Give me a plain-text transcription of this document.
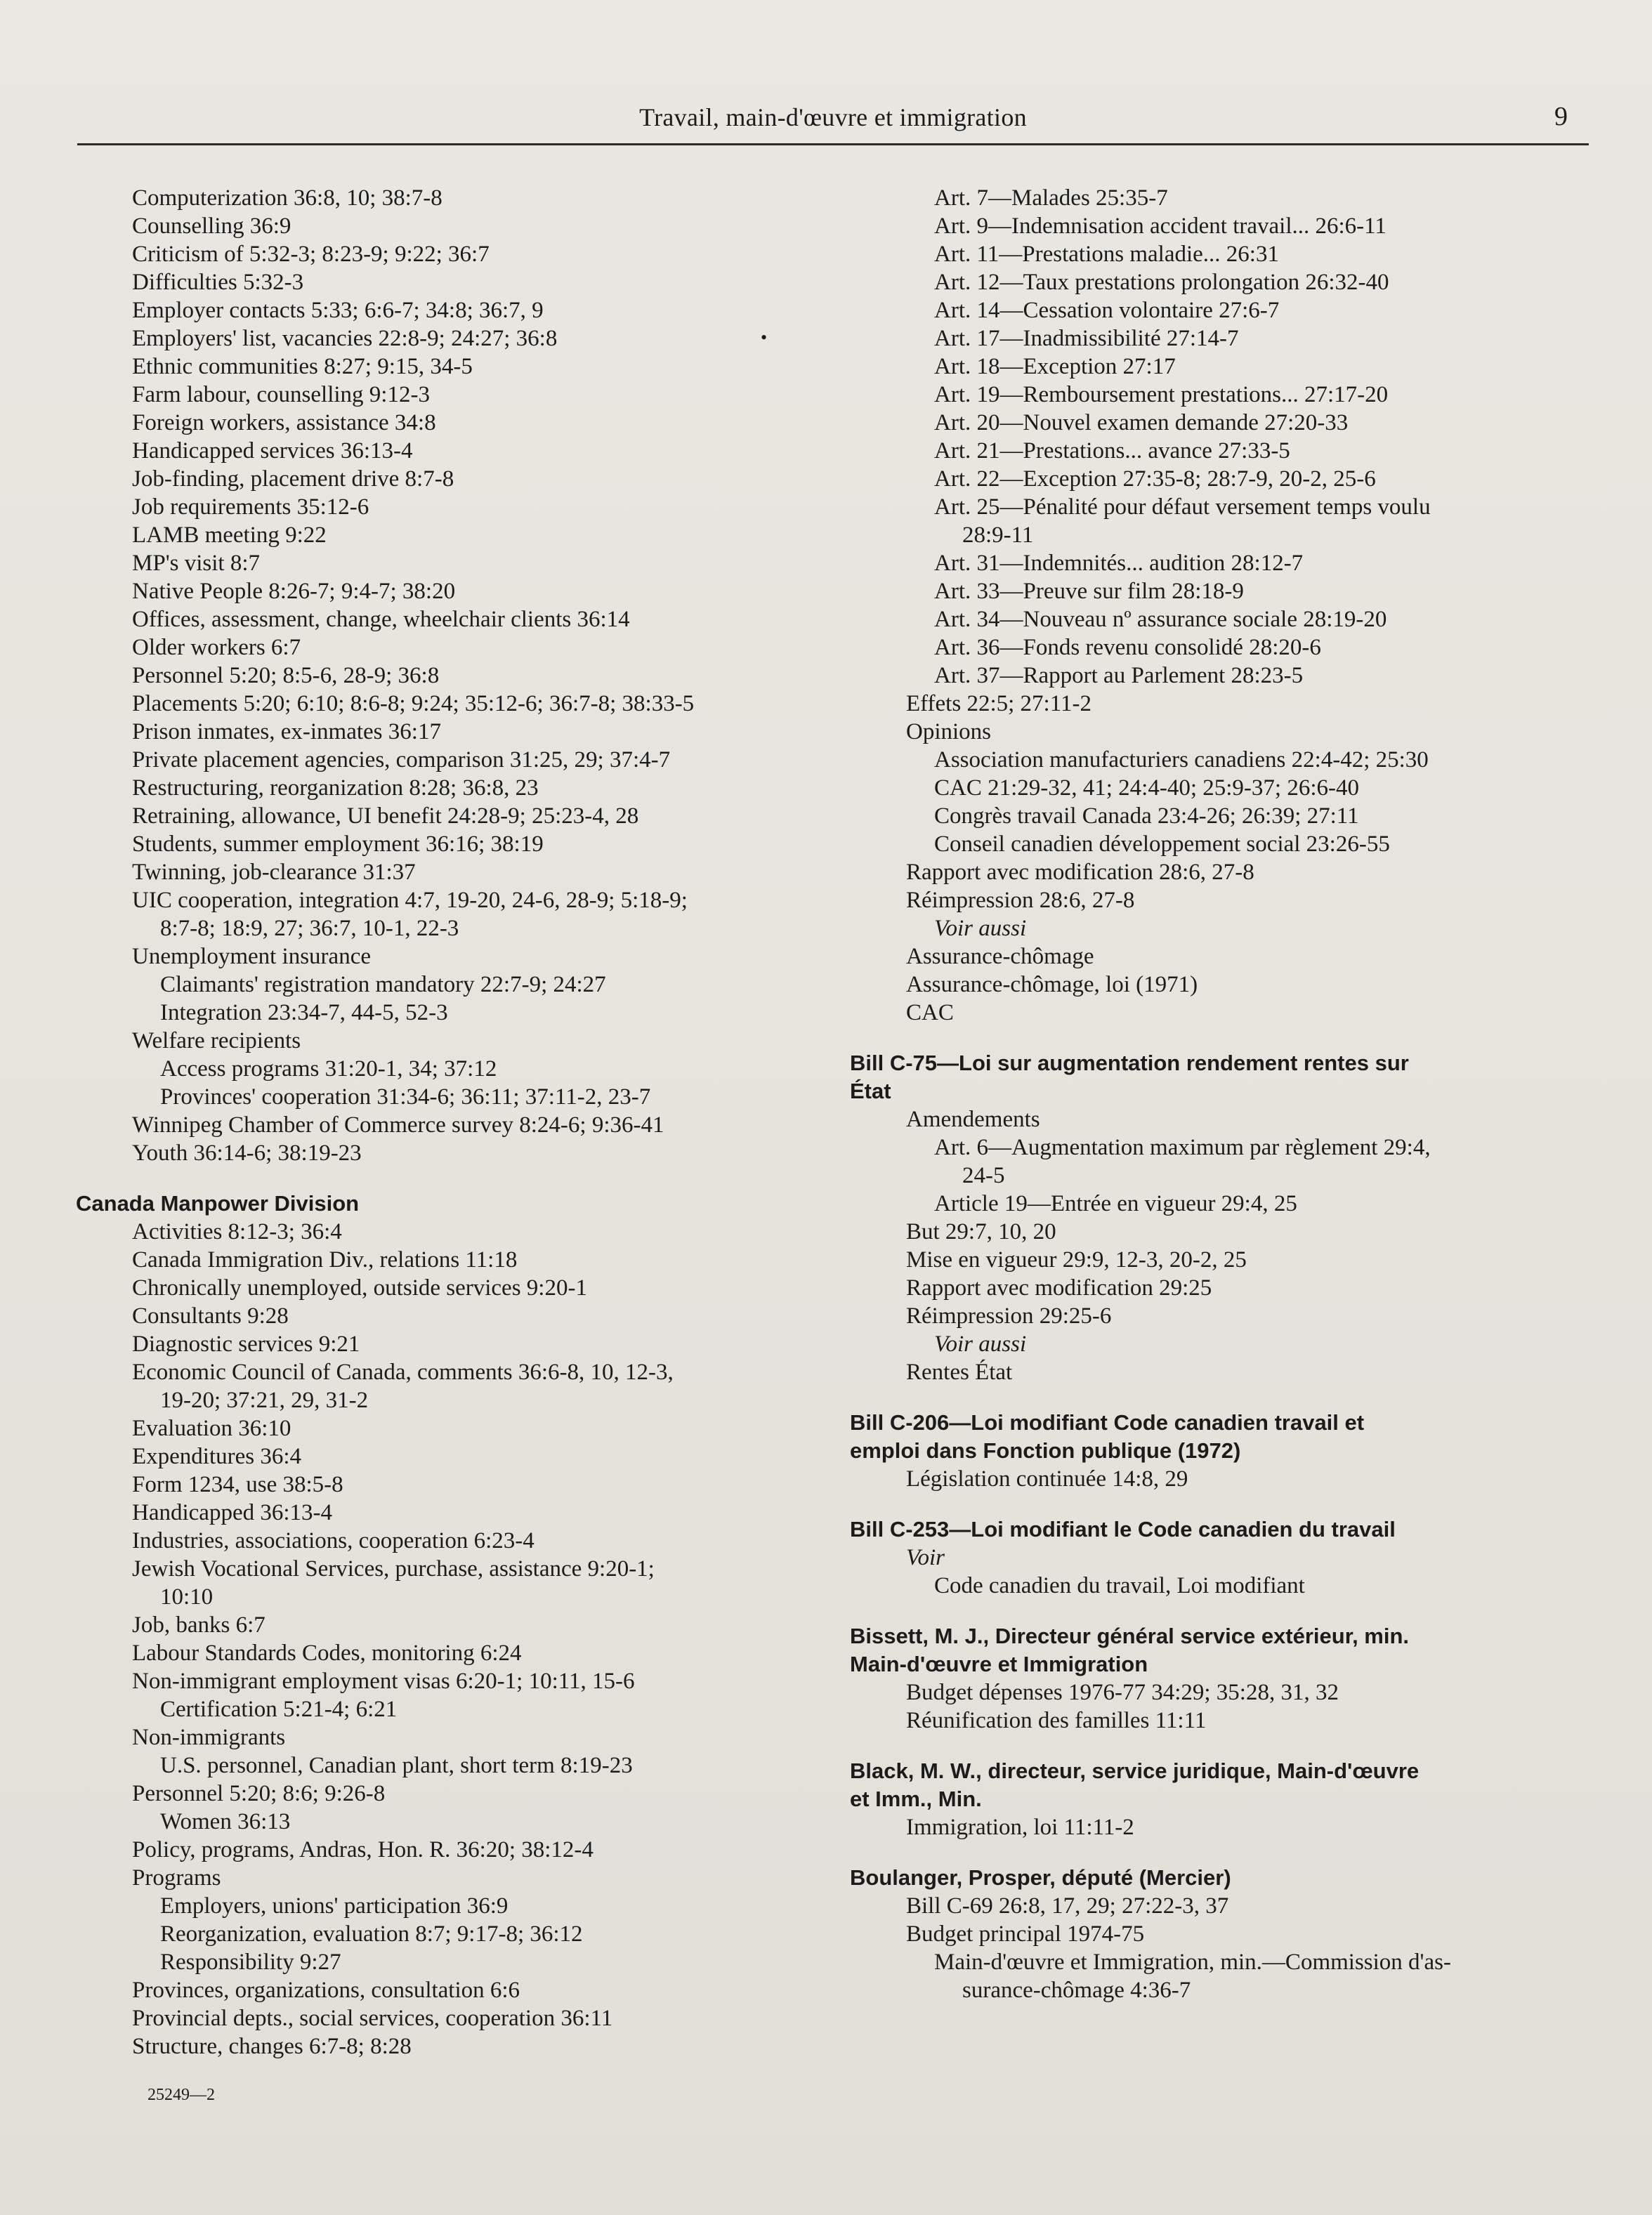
Travail, main-d'œuvre et immigration	9
•
Computerization 36:8, 10; 38:7-8
Counselling 36:9
Criticism of 5:32-3; 8:23-9; 9:22; 36:7
Difficulties 5:32-3
Employer contacts 5:33; 6:6-7; 34:8; 36:7, 9
Employers' list, vacancies 22:8-9; 24:27; 36:8
Ethnic communities 8:27; 9:15, 34-5
Farm labour, counselling 9:12-3
Foreign workers, assistance 34:8
Handicapped services 36:13-4
Job-finding, placement drive 8:7-8
Job requirements 35:12-6
LAMB meeting 9:22
MP's visit 8:7
Native People 8:26-7; 9:4-7; 38:20
Offices, assessment, change, wheelchair clients 36:14
Older workers 6:7
Personnel 5:20; 8:5-6, 28-9; 36:8
Placements 5:20; 6:10; 8:6-8; 9:24; 35:12-6; 36:7-8; 38:33-5
Prison inmates, ex-inmates 36:17
Private placement agencies, comparison 31:25, 29; 37:4-7
Restructuring, reorganization 8:28; 36:8, 23
Retraining, allowance, UI benefit 24:28-9; 25:23-4, 28
Students, summer employment 36:16; 38:19
Twinning, job-clearance 31:37
UIC cooperation, integration 4:7, 19-20, 24-6, 28-9; 5:18-9;
8:7-8; 18:9, 27; 36:7, 10-1, 22-3
Unemployment insurance
Claimants' registration mandatory 22:7-9; 24:27
Integration 23:34-7, 44-5, 52-3
Welfare recipients
Access programs 31:20-1, 34; 37:12
Provinces' cooperation 31:34-6; 36:11; 37:11-2, 23-7
Winnipeg Chamber of Commerce survey 8:24-6; 9:36-41
Youth 36:14-6; 38:19-23
Canada Manpower Division
Activities 8:12-3; 36:4
Canada Immigration Div., relations 11:18
Chronically unemployed, outside services 9:20-1
Consultants 9:28
Diagnostic services 9:21
Economic Council of Canada, comments 36:6-8, 10, 12-3,
19-20; 37:21, 29, 31-2
Evaluation 36:10
Expenditures 36:4
Form 1234, use 38:5-8
Handicapped 36:13-4
Industries, associations, cooperation 6:23-4
Jewish Vocational Services, purchase, assistance 9:20-1;
10:10
Job, banks 6:7
Labour Standards Codes, monitoring 6:24
Non-immigrant employment visas 6:20-1; 10:11, 15-6
Certification 5:21-4; 6:21
Non-immigrants
U.S. personnel, Canadian plant, short term 8:19-23
Personnel 5:20; 8:6; 9:26-8
Women 36:13
Policy, programs, Andras, Hon. R. 36:20; 38:12-4
Programs
Employers, unions' participation 36:9
Reorganization, evaluation 8:7; 9:17-8; 36:12
Responsibility 9:27
Provinces, organizations, consultation 6:6
Provincial depts., social services, cooperation 36:11
Structure, changes 6:7-8; 8:28
Art. 7—Malades 25:35-7
Art. 9—Indemnisation accident travail... 26:6-11
Art. 11—Prestations maladie... 26:31
Art. 12—Taux prestations prolongation 26:32-40
Art. 14—Cessation volontaire 27:6-7
Art. 17—Inadmissibilité 27:14-7
Art. 18—Exception 27:17
Art. 19—Remboursement prestations... 27:17-20
Art. 20—Nouvel examen demande 27:20-33
Art. 21—Prestations... avance 27:33-5
Art. 22—Exception 27:35-8; 28:7-9, 20-2, 25-6
Art. 25—Pénalité pour défaut versement temps voulu
28:9-11
Art. 31—Indemnités... audition 28:12-7
Art. 33—Preuve sur film 28:18-9
Art. 34—Nouveau nº assurance sociale 28:19-20
Art. 36—Fonds revenu consolidé 28:20-6
Art. 37—Rapport au Parlement 28:23-5
Effets 22:5; 27:11-2
Opinions
Association manufacturiers canadiens 22:4-42; 25:30
CAC 21:29-32, 41; 24:4-40; 25:9-37; 26:6-40
Congrès travail Canada 23:4-26; 26:39; 27:11
Conseil canadien développement social 23:26-55
Rapport avec modification 28:6, 27-8
Réimpression 28:6, 27-8
Voir aussi
Assurance-chômage
Assurance-chômage, loi (1971)
CAC
Bill C-75—Loi sur augmentation rendement rentes sur
État
Amendements
Art. 6—Augmentation maximum par règlement 29:4,
24-5
Article 19—Entrée en vigueur 29:4, 25
But 29:7, 10, 20
Mise en vigueur 29:9, 12-3, 20-2, 25
Rapport avec modification 29:25
Réimpression 29:25-6
Voir aussi
Rentes État
Bill C-206—Loi modifiant Code canadien travail et
emploi dans Fonction publique (1972)
Législation continuée 14:8, 29
Bill C-253—Loi modifiant le Code canadien du travail
Voir
Code canadien du travail, Loi modifiant
Bissett, M. J., Directeur général service extérieur, min.
Main-d'œuvre et Immigration
Budget dépenses 1976-77 34:29; 35:28, 31, 32
Réunification des familles 11:11
Black, M. W., directeur, service juridique, Main-d'œuvre
et Imm., Min.
Immigration, loi 11:11-2
Boulanger, Prosper, député (Mercier)
Bill C-69 26:8, 17, 29; 27:22-3, 37
Budget principal 1974-75
Main-d'œuvre et Immigration, min.—Commission d'as-
surance-chômage 4:36-7
25249—2
